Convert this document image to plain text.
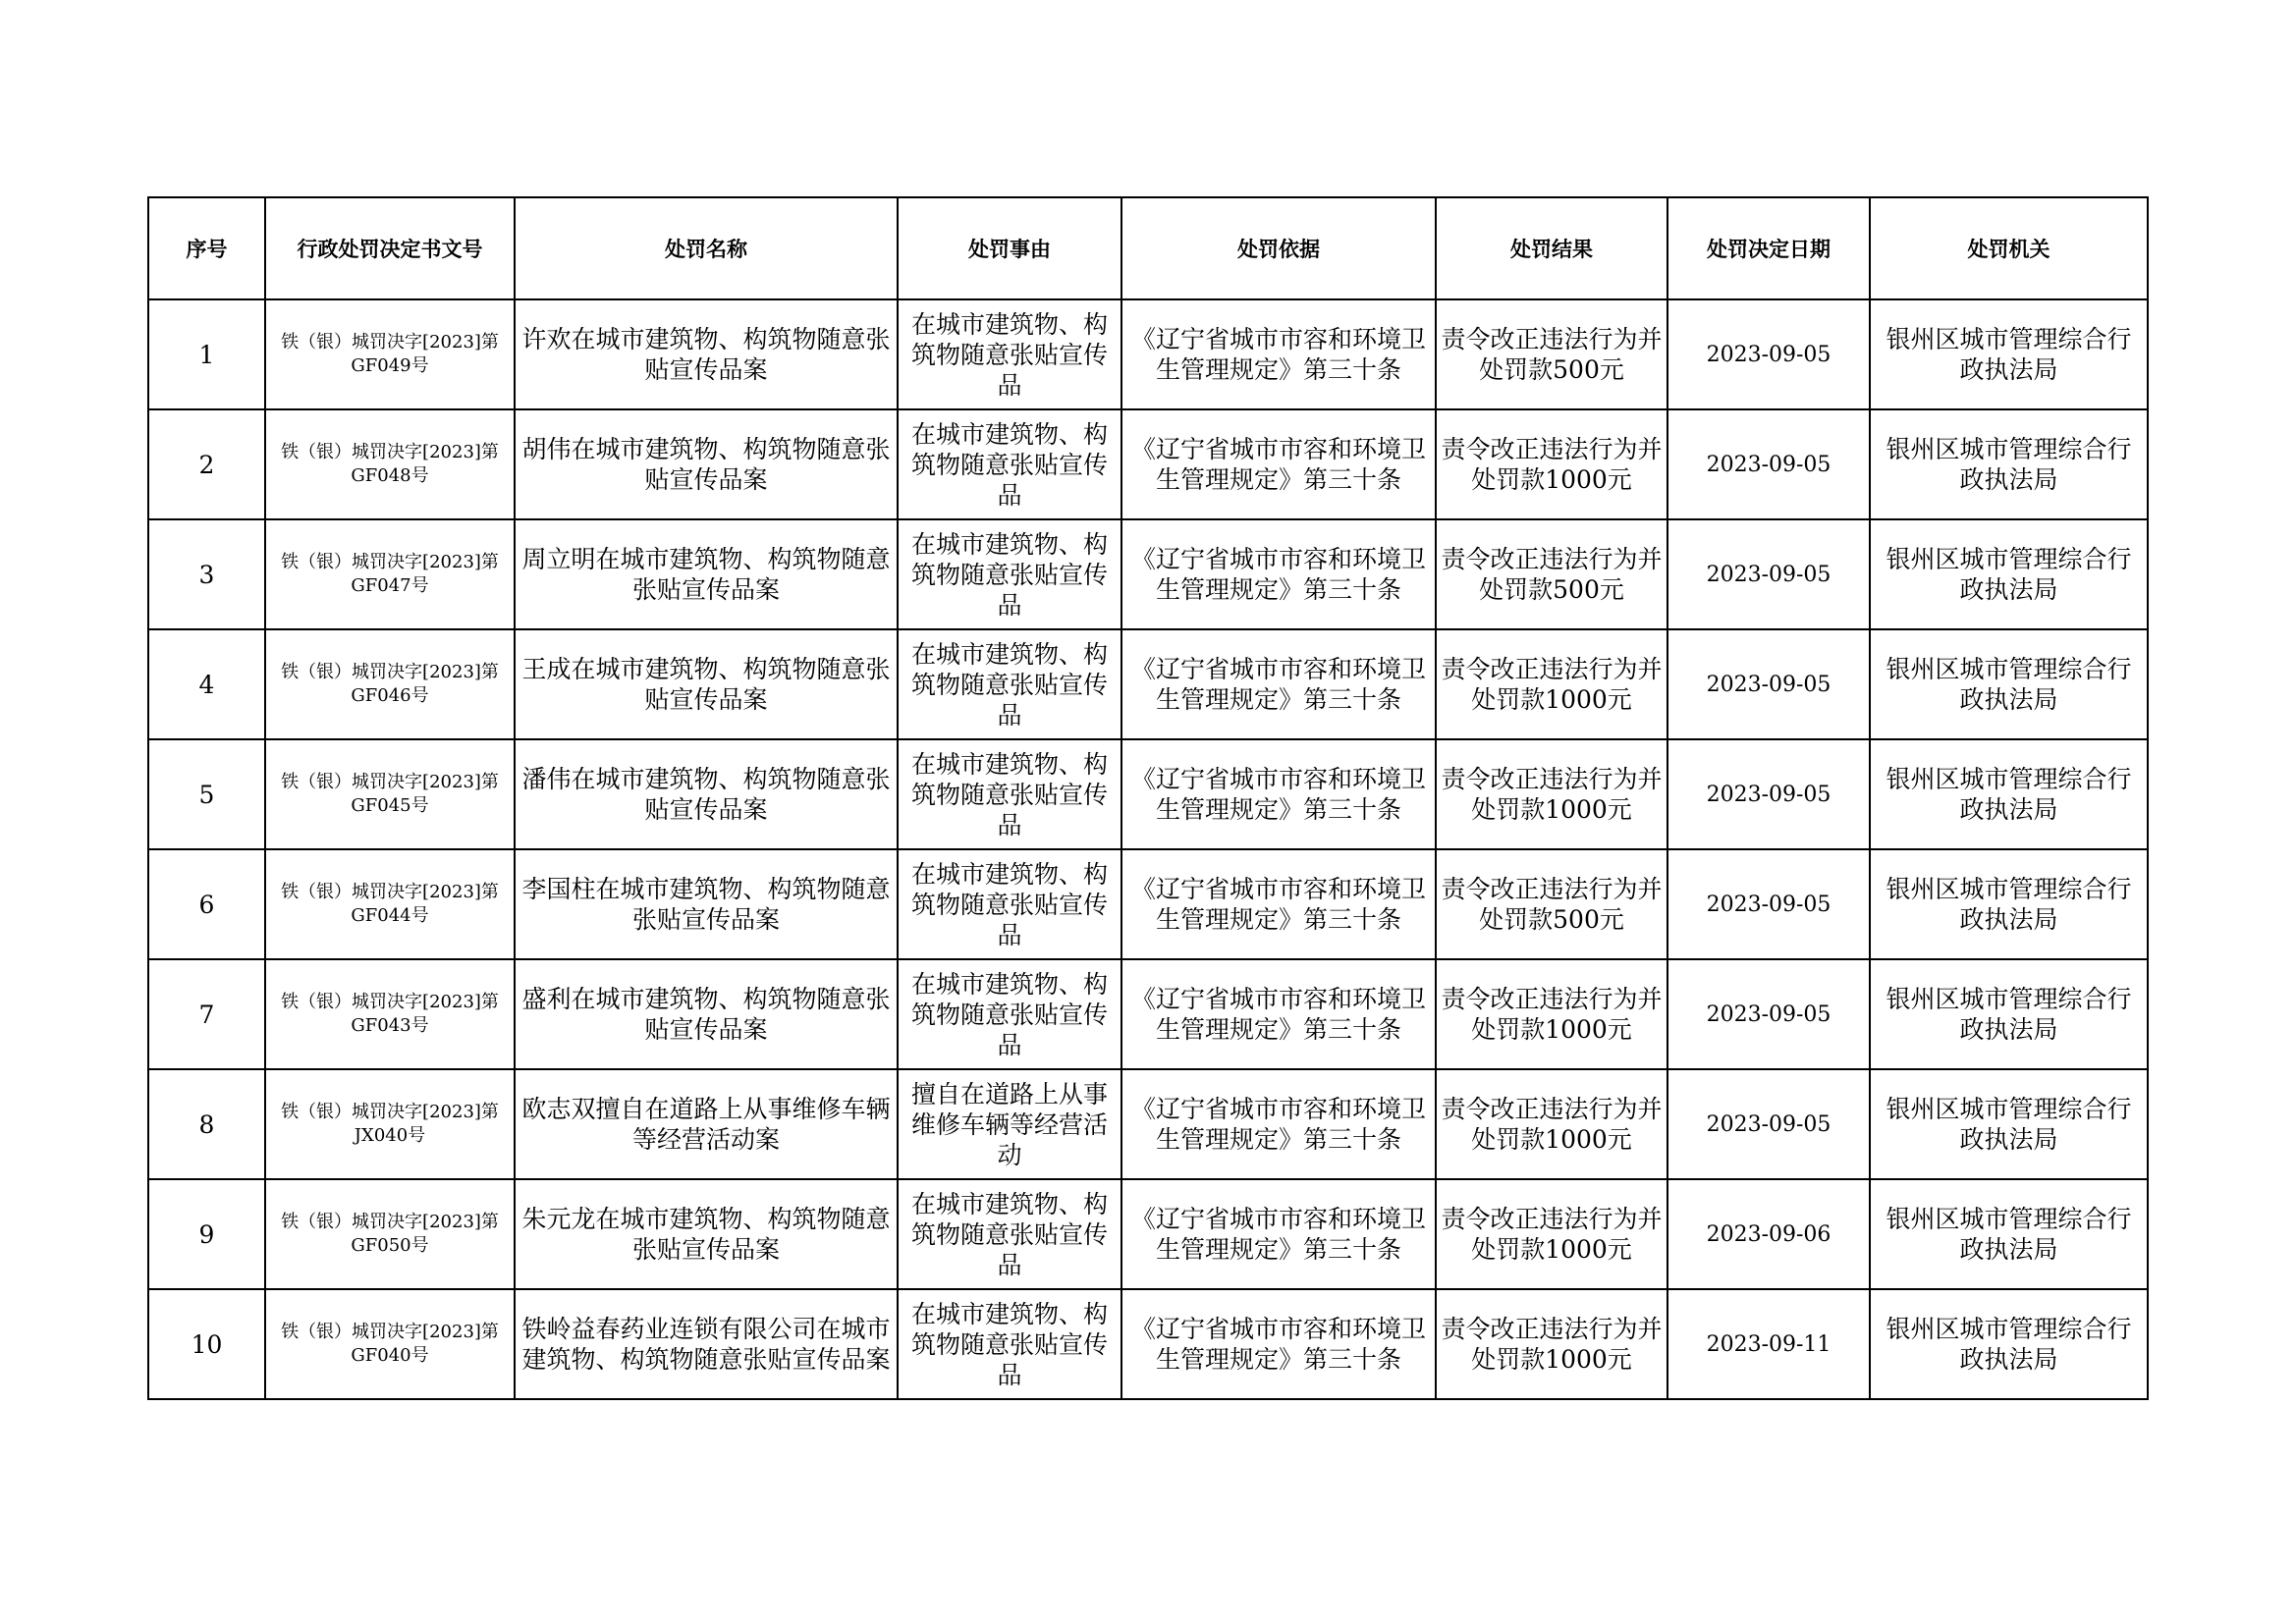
序号	行政处罚决定书文号	处罚名称	处罚事由	处罚依据	处罚结果	处罚决定日期	处罚机关
1	铁（银）城罚决字[2023]第GF049号	许欢在城市建筑物、构筑物随意张贴宣传品案	在城市建筑物、构筑物随意张贴宣传品	《辽宁省城市市容和环境卫生管理规定》第三十条	责令改正违法行为并处罚款500元	2023-09-05	银州区城市管理综合行政执法局
2	铁（银）城罚决字[2023]第GF048号	胡伟在城市建筑物、构筑物随意张贴宣传品案	在城市建筑物、构筑物随意张贴宣传品	《辽宁省城市市容和环境卫生管理规定》第三十条	责令改正违法行为并处罚款1000元	2023-09-05	银州区城市管理综合行政执法局
3	铁（银）城罚决字[2023]第GF047号	周立明在城市建筑物、构筑物随意张贴宣传品案	在城市建筑物、构筑物随意张贴宣传品	《辽宁省城市市容和环境卫生管理规定》第三十条	责令改正违法行为并处罚款500元	2023-09-05	银州区城市管理综合行政执法局
4	铁（银）城罚决字[2023]第GF046号	王成在城市建筑物、构筑物随意张贴宣传品案	在城市建筑物、构筑物随意张贴宣传品	《辽宁省城市市容和环境卫生管理规定》第三十条	责令改正违法行为并处罚款1000元	2023-09-05	银州区城市管理综合行政执法局
5	铁（银）城罚决字[2023]第GF045号	潘伟在城市建筑物、构筑物随意张贴宣传品案	在城市建筑物、构筑物随意张贴宣传品	《辽宁省城市市容和环境卫生管理规定》第三十条	责令改正违法行为并处罚款1000元	2023-09-05	银州区城市管理综合行政执法局
6	铁（银）城罚决字[2023]第GF044号	李国柱在城市建筑物、构筑物随意张贴宣传品案	在城市建筑物、构筑物随意张贴宣传品	《辽宁省城市市容和环境卫生管理规定》第三十条	责令改正违法行为并处罚款500元	2023-09-05	银州区城市管理综合行政执法局
7	铁（银）城罚决字[2023]第GF043号	盛利在城市建筑物、构筑物随意张贴宣传品案	在城市建筑物、构筑物随意张贴宣传品	《辽宁省城市市容和环境卫生管理规定》第三十条	责令改正违法行为并处罚款1000元	2023-09-05	银州区城市管理综合行政执法局
8	铁（银）城罚决字[2023]第JX040号	欧志双擅自在道路上从事维修车辆等经营活动案	擅自在道路上从事维修车辆等经营活动	《辽宁省城市市容和环境卫生管理规定》第三十条	责令改正违法行为并处罚款1000元	2023-09-05	银州区城市管理综合行政执法局
9	铁（银）城罚决字[2023]第GF050号	朱元龙在城市建筑物、构筑物随意张贴宣传品案	在城市建筑物、构筑物随意张贴宣传品	《辽宁省城市市容和环境卫生管理规定》第三十条	责令改正违法行为并处罚款1000元	2023-09-06	银州区城市管理综合行政执法局
10	铁（银）城罚决字[2023]第GF040号	铁岭益春药业连锁有限公司在城市建筑物、构筑物随意张贴宣传品案	在城市建筑物、构筑物随意张贴宣传品	《辽宁省城市市容和环境卫生管理规定》第三十条	责令改正违法行为并处罚款1000元	2023-09-11	银州区城市管理综合行政执法局
